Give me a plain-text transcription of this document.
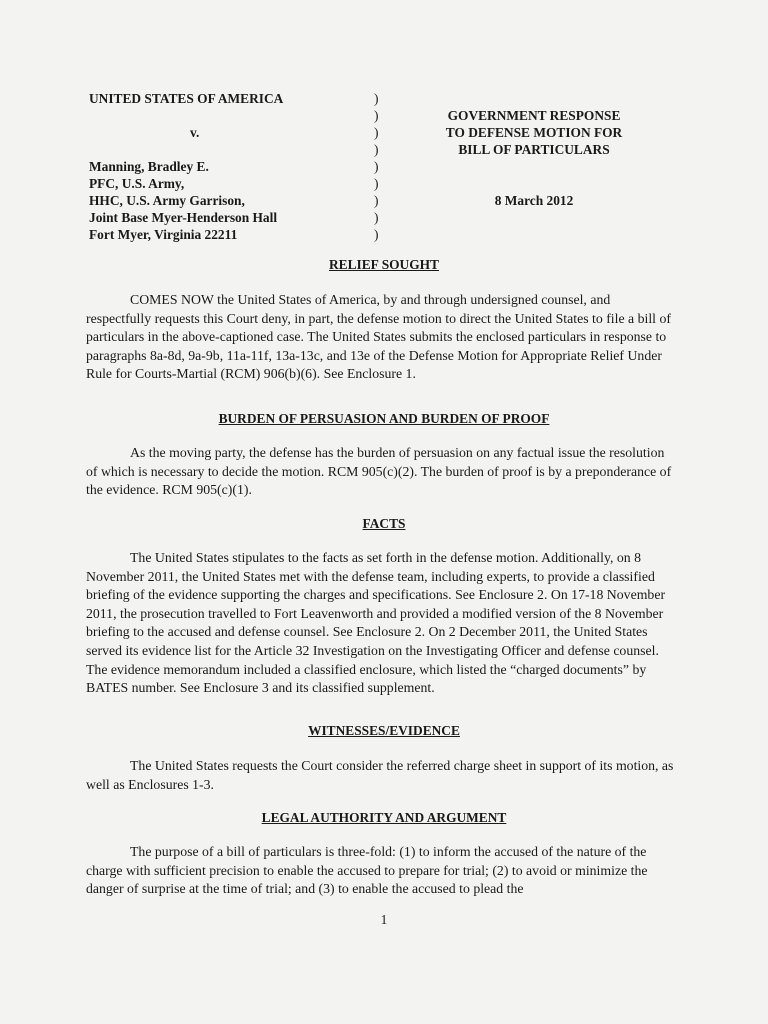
UNITED STATES OF AMERICA
v.
Manning, Bradley E.
PFC, U.S. Army,
HHC, U.S. Army Garrison,
Joint Base Myer-Henderson Hall
Fort Myer, Virginia 22211
)
)
)
)
)
)
)
)
)
GOVERNMENT RESPONSE
TO DEFENSE MOTION FOR
BILL OF PARTICULARS
8 March 2012
RELIEF SOUGHT

COMES NOW the United States of America, by and through undersigned counsel, and respectfully requests this Court deny, in part, the defense motion to direct the United States to file a bill of particulars in the above-captioned case. The United States submits the enclosed particulars in response to paragraphs 8a-8d, 9a-9b, 11a-11f, 13a-13c, and 13e of the Defense Motion for Appropriate Relief Under Rule for Courts-Martial (RCM) 906(b)(6). See Enclosure 1.

BURDEN OF PERSUASION AND BURDEN OF PROOF

As the moving party, the defense has the burden of persuasion on any factual issue the resolution of which is necessary to decide the motion. RCM 905(c)(2). The burden of proof is by a preponderance of the evidence. RCM 905(c)(1).

FACTS

The United States stipulates to the facts as set forth in the defense motion. Additionally, on 8 November 2011, the United States met with the defense team, including experts, to provide a classified briefing of the evidence supporting the charges and specifications. See Enclosure 2. On 17-18 November 2011, the prosecution travelled to Fort Leavenworth and provided a modified version of the 8 November briefing to the accused and defense counsel. See Enclosure 2. On 2 December 2011, the United States served its evidence list for the Article 32 Investigation on the Investigating Officer and defense counsel. The evidence memorandum included a classified enclosure, which listed the “charged documents” by BATES number. See Enclosure 3 and its classified supplement.

WITNESSES/EVIDENCE

The United States requests the Court consider the referred charge sheet in support of its motion, as well as Enclosures 1-3.

LEGAL AUTHORITY AND ARGUMENT

The purpose of a bill of particulars is three-fold: (1) to inform the accused of the nature of the charge with sufficient precision to enable the accused to prepare for trial; (2) to avoid or minimize the danger of surprise at the time of trial; and (3) to enable the accused to plead the

1
